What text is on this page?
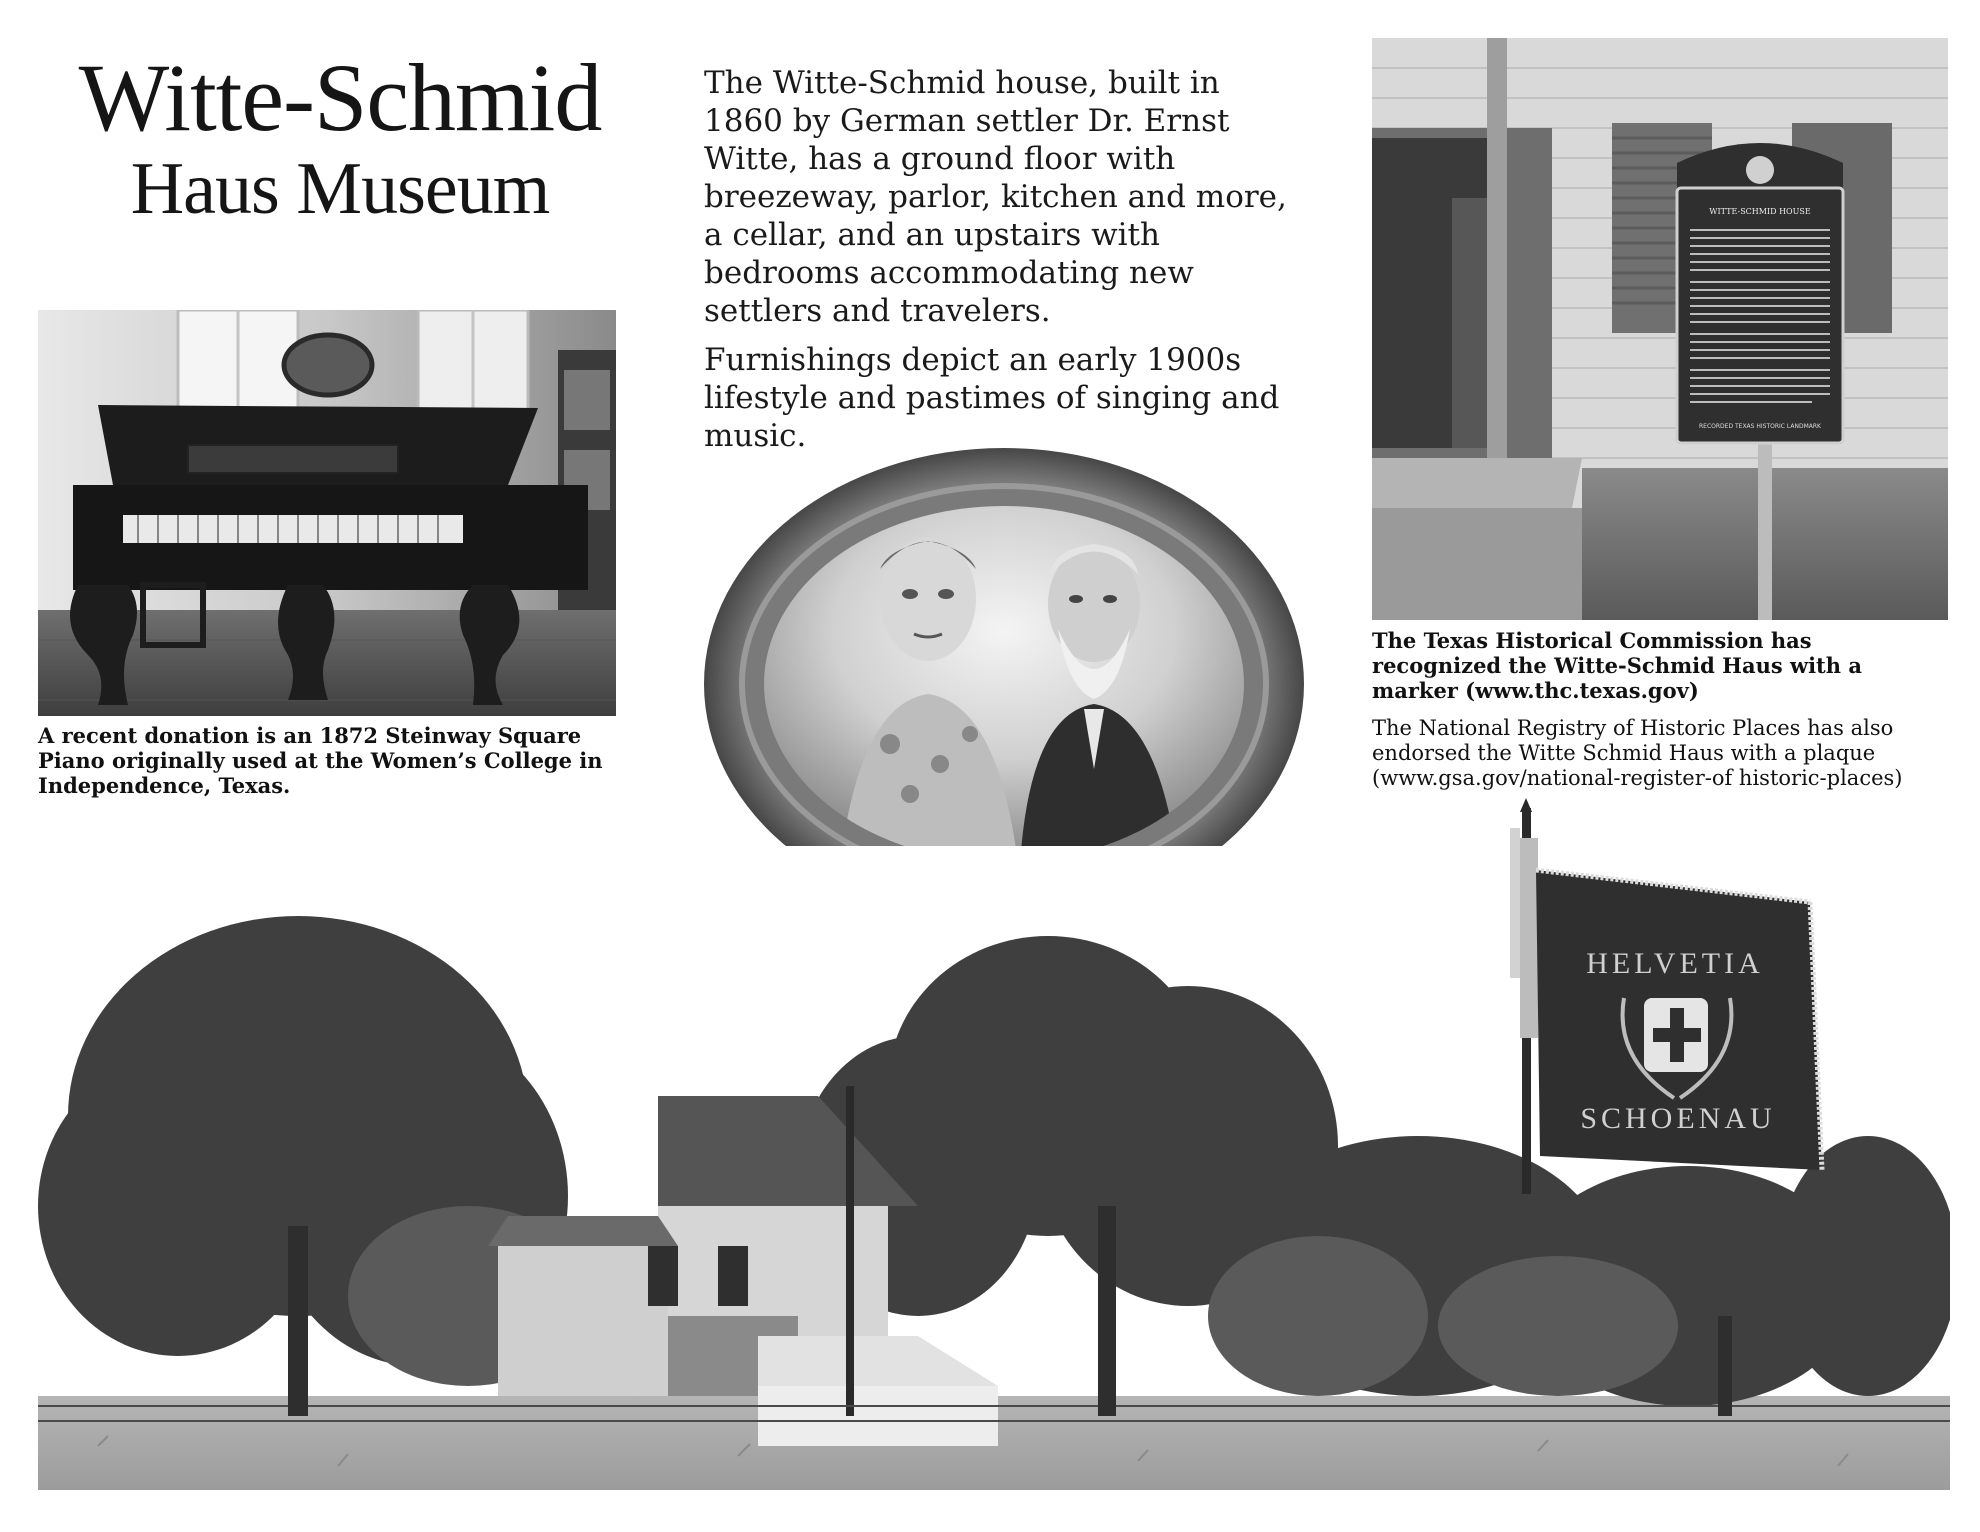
Witte-Schmid
Haus Museum

The Witte-Schmid house, built in 1860 by German settler Dr. Ernst Witte, has a ground floor with breezeway, parlor, kitchen and more, a cellar, and an upstairs with bedrooms accommodating new settlers and travelers.

Furnishings depict an early 1900s lifestyle and pastimes of singing and music.

A recent donation is an 1872 Steinway Square Piano originally used at the Women’s College in Independence, Texas.
WITTE-SCHMID HOUSE
RECORDED TEXAS HISTORIC LANDMARK
The Texas Historical Commission has recognized the Witte-Schmid Haus with a marker (www.thc.texas.gov)
The National Registry of Historic Places has also endorsed the Witte Schmid Haus with a plaque (www.gsa.gov/national-register-of historic-places)
HELVETIA
SCHOENAU
